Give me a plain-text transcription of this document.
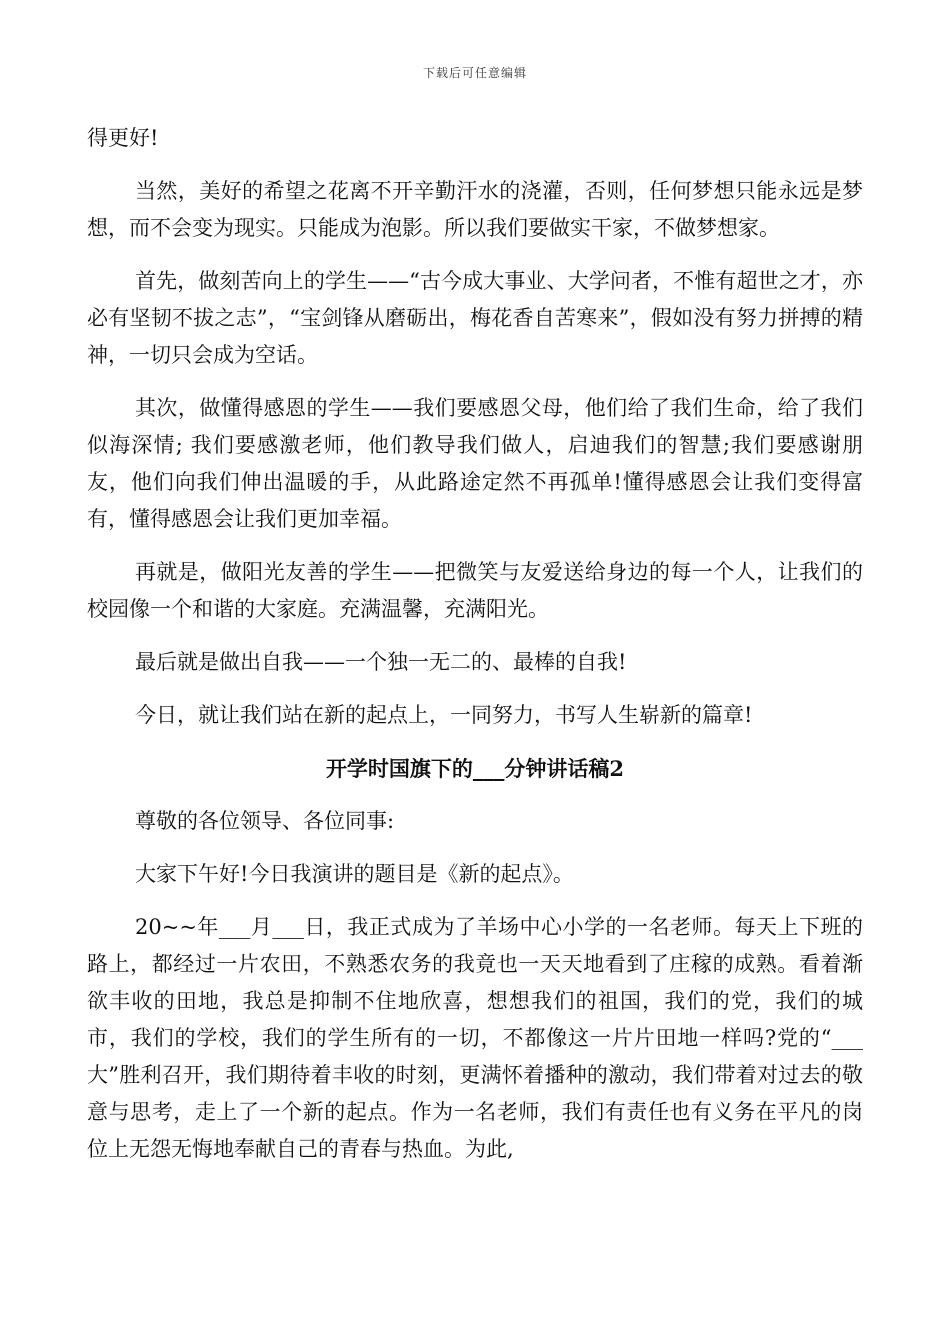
下载后可任意编辑

得更好!

当然，美好的希望之花离不开辛勤汗水的浇灌，否则，任何梦想只能永远是梦想，而不会变为现实。只能成为泡影。所以我们要做实干家，不做梦想家。

首先，做刻苦向上的学生——“古今成大事业、大学问者，不惟有超世之才，亦必有坚韧不拔之志”，“宝剑锋从磨砺出，梅花香自苦寒来”，假如没有努力拼搏的精神，一切只会成为空话。

其次，做懂得感恩的学生——我们要感恩父母，他们给了我们生命，给了我们似海深情; 我们要感激老师，他们教导我们做人，启迪我们的智慧;我们要感谢朋友，他们向我们伸出温暖的手，从此路途定然不再孤单!懂得感恩会让我们变得富有，懂得感恩会让我们更加幸福。

再就是，做阳光友善的学生——把微笑与友爱送给身边的每一个人，让我们的校园像一个和谐的大家庭。充满温馨，充满阳光。

最后就是做出自我——一个独一无二的、最棒的自我!

今日，就让我们站在新的起点上，一同努力，书写人生崭新的篇章!

开学时国旗下的___分钟讲话稿2

尊敬的各位领导、各位同事:

大家下午好!今日我演讲的题目是《新的起点》。

20~~年___月___日，我正式成为了羊场中心小学的一名老师。每天上下班的路上，都经过一片农田，不熟悉农务的我竟也一天天地看到了庄稼的成熟。看着渐欲丰收的田地，我总是抑制不住地欣喜，想想我们的祖国，我们的党，我们的城市，我们的学校，我们的学生所有的一切，不都像这一片片田地一样吗?党的“___大”胜利召开，我们期待着丰收的时刻，更满怀着播种的激动，我们带着对过去的敬意与思考，走上了一个新的起点。作为一名老师，我们有责任也有义务在平凡的岗位上无怨无悔地奉献自己的青春与热血。为此,
